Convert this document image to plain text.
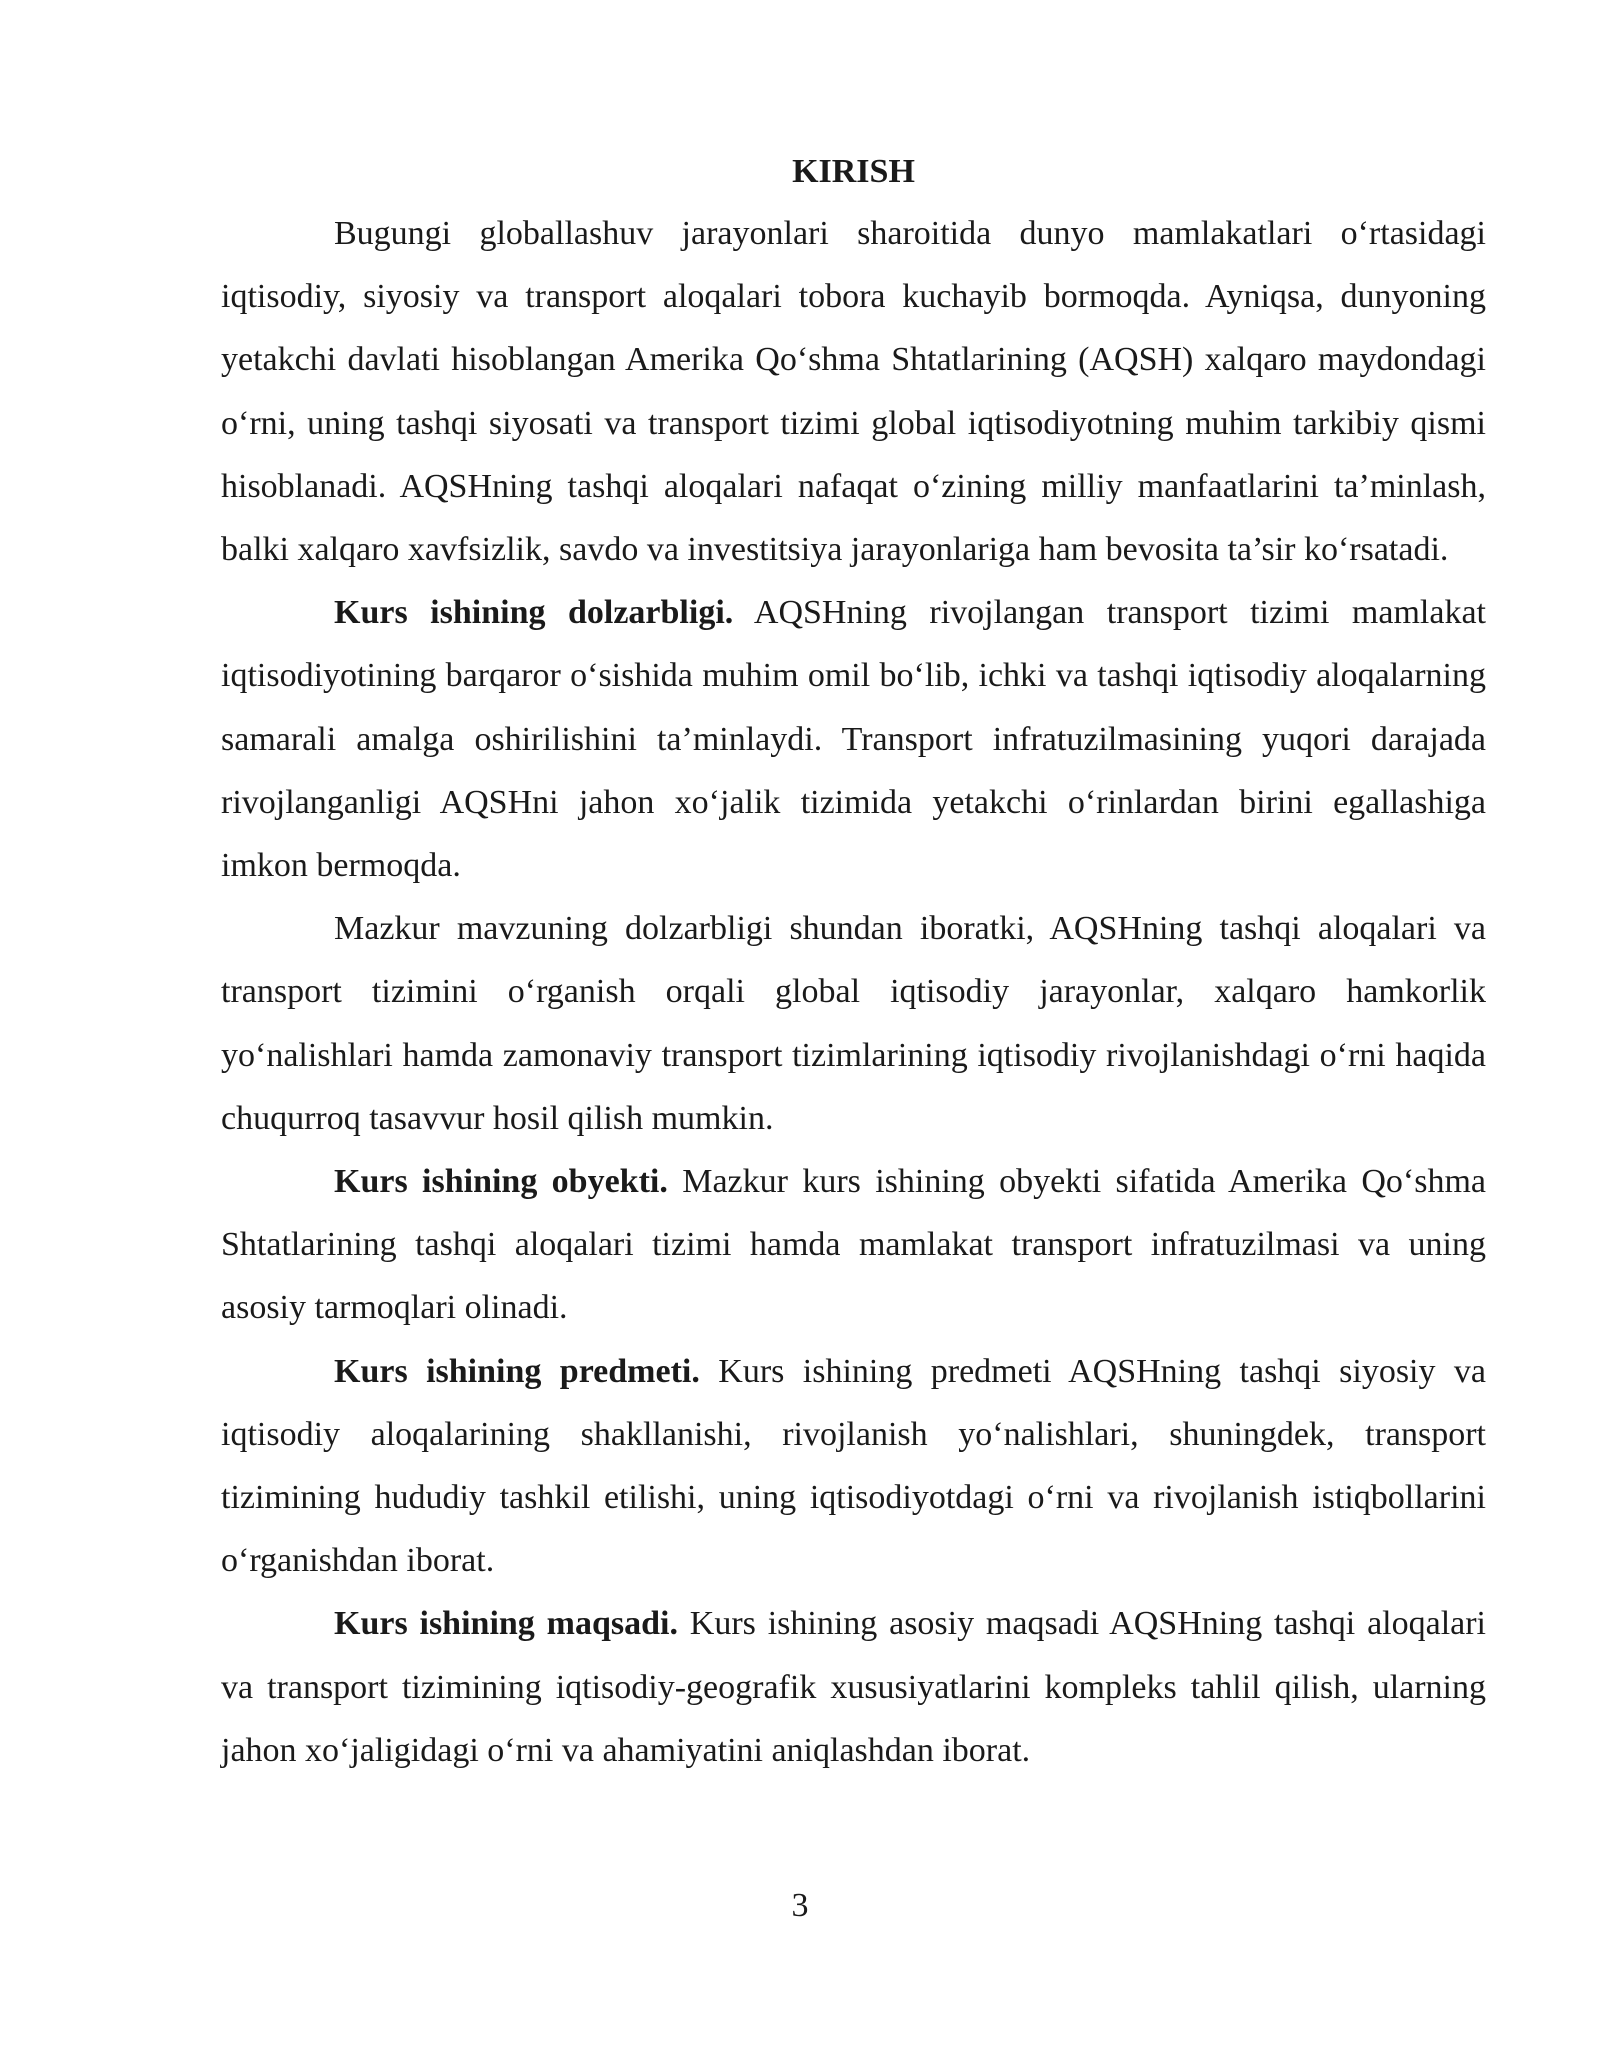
KIRISH

Bugungi globallashuv jarayonlari sharoitida dunyo mamlakatlari o‘rtasidagi iqtisodiy, siyosiy va transport aloqalari tobora kuchayib bormoqda. Ayniqsa, dunyoning yetakchi davlati hisoblangan Amerika Qo‘shma Shtatlarining (AQSH) xalqaro maydondagi o‘rni, uning tashqi siyosati va transport tizimi global iqtisodiyotning muhim tarkibiy qismi hisoblanadi. AQSHning tashqi aloqalari nafaqat o‘zining milliy manfaatlarini ta’minlash, balki xalqaro xavfsizlik, savdo va investitsiya jarayonlariga ham bevosita ta’sir ko‘rsatadi.

Kurs ishining dolzarbligi. AQSHning rivojlangan transport tizimi mamlakat iqtisodiyotining barqaror o‘sishida muhim omil bo‘lib, ichki va tashqi iqtisodiy aloqalarning samarali amalga oshirilishini ta’minlaydi. Transport infratuzilmasining yuqori darajada rivojlanganligi AQSHni jahon xo‘jalik tizimida yetakchi o‘rinlardan birini egallashiga imkon bermoqda.

Mazkur mavzuning dolzarbligi shundan iboratki, AQSHning tashqi aloqalari va transport tizimini o‘rganish orqali global iqtisodiy jarayonlar, xalqaro hamkorlik yo‘nalishlari hamda zamonaviy transport tizimlarining iqtisodiy rivojlanishdagi o‘rni haqida chuqurroq tasavvur hosil qilish mumkin.

Kurs ishining obyekti. Mazkur kurs ishining obyekti sifatida Amerika Qo‘shma Shtatlarining tashqi aloqalari tizimi hamda mamlakat transport infratuzilmasi va uning asosiy tarmoqlari olinadi.

Kurs ishining predmeti. Kurs ishining predmeti AQSHning tashqi siyosiy va iqtisodiy aloqalarining shakllanishi, rivojlanish yo‘nalishlari, shuningdek, transport tizimining hududiy tashkil etilishi, uning iqtisodiyotdagi o‘rni va rivojlanish istiqbollarini o‘rganishdan iborat.

Kurs ishining maqsadi. Kurs ishining asosiy maqsadi AQSHning tashqi aloqalari va transport tizimining iqtisodiy-geografik xususiyatlarini kompleks tahlil qilish, ularning jahon xo‘jaligidagi o‘rni va ahamiyatini aniqlashdan iborat.

3
